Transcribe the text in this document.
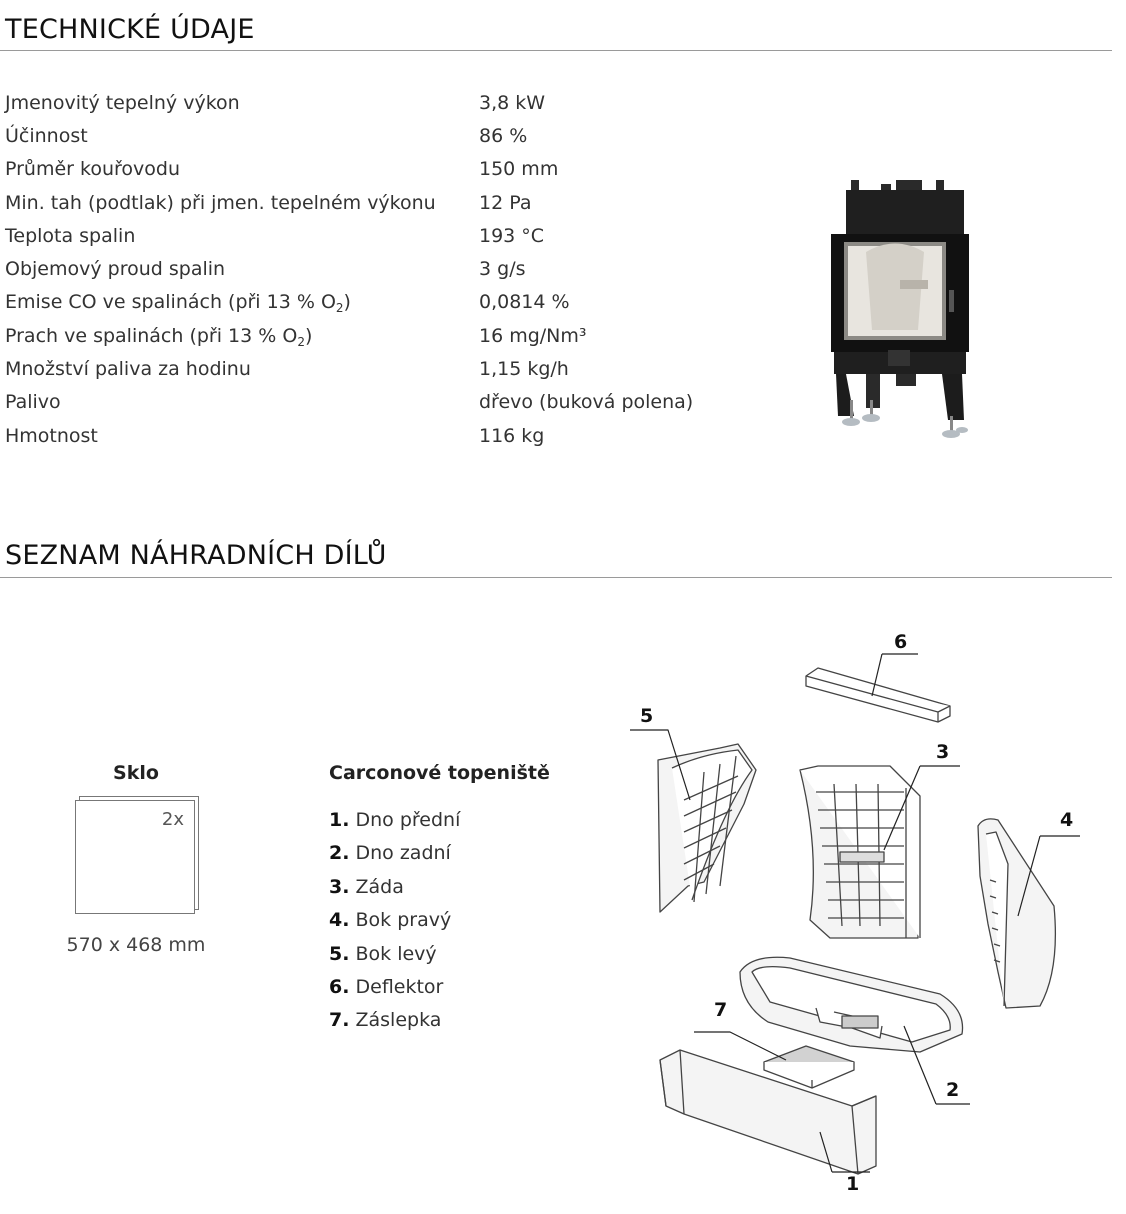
TECHNICKÉ ÚDAJE
Jmenovitý tepelný výkon	3,8 kW
Účinnost	86 %
Průměr kouřovodu	150 mm
Min. tah (podtlak) při jmen. tepelném výkonu	12 Pa
Teplota spalin	193 °C
Objemový proud spalin	3 g/s
Emise CO ve spalinách (při 13 % $O_2$)	0,0814 %
Prach ve spalinách (při 13 % $O_2$)	16 mg/Nm³
Množství paliva za hodinu	1,15 kg/h
Palivo	dřevo (buková polena)
Hmotnost	116 kg
SEZNAM NÁHRADNÍCH DÍLŮ
Sklo
2x
570 x 468 mm
Carconové topeniště
1. Dno přední
2. Dno zadní
3. Záda
4. Bok pravý
5. Bok levý
6. Deflektor
7. Záslepka
6
5
3
4
7
2
1
